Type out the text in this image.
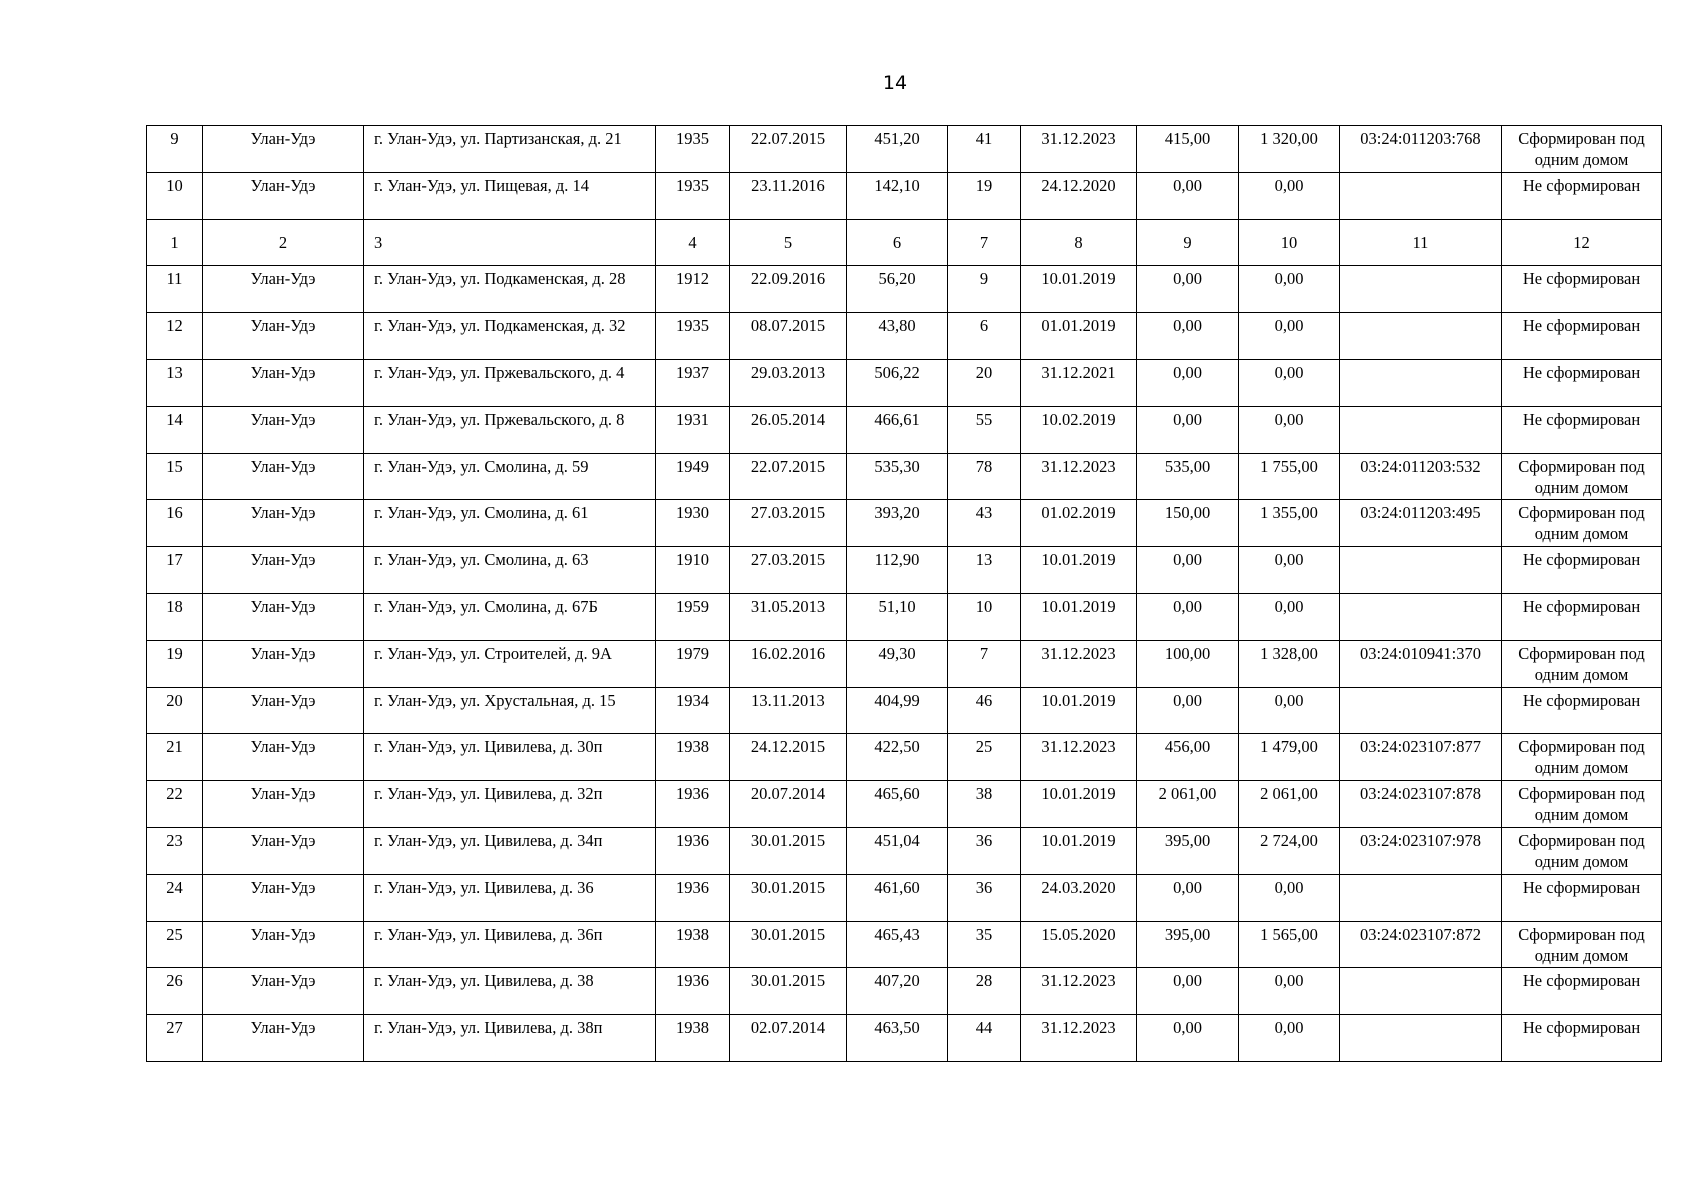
14
9	Улан-Удэ	г. Улан-Удэ, ул. Партизанская, д. 21	1935	22.07.2015	451,20	41	31.12.2023	415,00	1 320,00	03:24:011203:768	Сформирован под одним домом
10	Улан-Удэ	г. Улан-Удэ, ул. Пищевая, д. 14	1935	23.11.2016	142,10	19	24.12.2020	0,00	0,00		Не сформирован
1	2	3	4	5	6	7	8	9	10	11	12
11	Улан-Удэ	г. Улан-Удэ, ул. Подкаменская, д. 28	1912	22.09.2016	56,20	9	10.01.2019	0,00	0,00		Не сформирован
12	Улан-Удэ	г. Улан-Удэ, ул. Подкаменская, д. 32	1935	08.07.2015	43,80	6	01.01.2019	0,00	0,00		Не сформирован
13	Улан-Удэ	г. Улан-Удэ, ул. Пржевальского, д. 4	1937	29.03.2013	506,22	20	31.12.2021	0,00	0,00		Не сформирован
14	Улан-Удэ	г. Улан-Удэ, ул. Пржевальского, д. 8	1931	26.05.2014	466,61	55	10.02.2019	0,00	0,00		Не сформирован
15	Улан-Удэ	г. Улан-Удэ, ул. Смолина, д. 59	1949	22.07.2015	535,30	78	31.12.2023	535,00	1 755,00	03:24:011203:532	Сформирован под одним домом
16	Улан-Удэ	г. Улан-Удэ, ул. Смолина, д. 61	1930	27.03.2015	393,20	43	01.02.2019	150,00	1 355,00	03:24:011203:495	Сформирован под одним домом
17	Улан-Удэ	г. Улан-Удэ, ул. Смолина, д. 63	1910	27.03.2015	112,90	13	10.01.2019	0,00	0,00		Не сформирован
18	Улан-Удэ	г. Улан-Удэ, ул. Смолина, д. 67Б	1959	31.05.2013	51,10	10	10.01.2019	0,00	0,00		Не сформирован
19	Улан-Удэ	г. Улан-Удэ, ул. Строителей, д. 9А	1979	16.02.2016	49,30	7	31.12.2023	100,00	1 328,00	03:24:010941:370	Сформирован под одним домом
20	Улан-Удэ	г. Улан-Удэ, ул. Хрустальная, д. 15	1934	13.11.2013	404,99	46	10.01.2019	0,00	0,00		Не сформирован
21	Улан-Удэ	г. Улан-Удэ, ул. Цивилева, д. 30п	1938	24.12.2015	422,50	25	31.12.2023	456,00	1 479,00	03:24:023107:877	Сформирован под одним домом
22	Улан-Удэ	г. Улан-Удэ, ул. Цивилева, д. 32п	1936	20.07.2014	465,60	38	10.01.2019	2 061,00	2 061,00	03:24:023107:878	Сформирован под одним домом
23	Улан-Удэ	г. Улан-Удэ, ул. Цивилева, д. 34п	1936	30.01.2015	451,04	36	10.01.2019	395,00	2 724,00	03:24:023107:978	Сформирован под одним домом
24	Улан-Удэ	г. Улан-Удэ, ул. Цивилева, д. 36	1936	30.01.2015	461,60	36	24.03.2020	0,00	0,00		Не сформирован
25	Улан-Удэ	г. Улан-Удэ, ул. Цивилева, д. 36п	1938	30.01.2015	465,43	35	15.05.2020	395,00	1 565,00	03:24:023107:872	Сформирован под одним домом
26	Улан-Удэ	г. Улан-Удэ, ул. Цивилева, д. 38	1936	30.01.2015	407,20	28	31.12.2023	0,00	0,00		Не сформирован
27	Улан-Удэ	г. Улан-Удэ, ул. Цивилева, д. 38п	1938	02.07.2014	463,50	44	31.12.2023	0,00	0,00		Не сформирован
